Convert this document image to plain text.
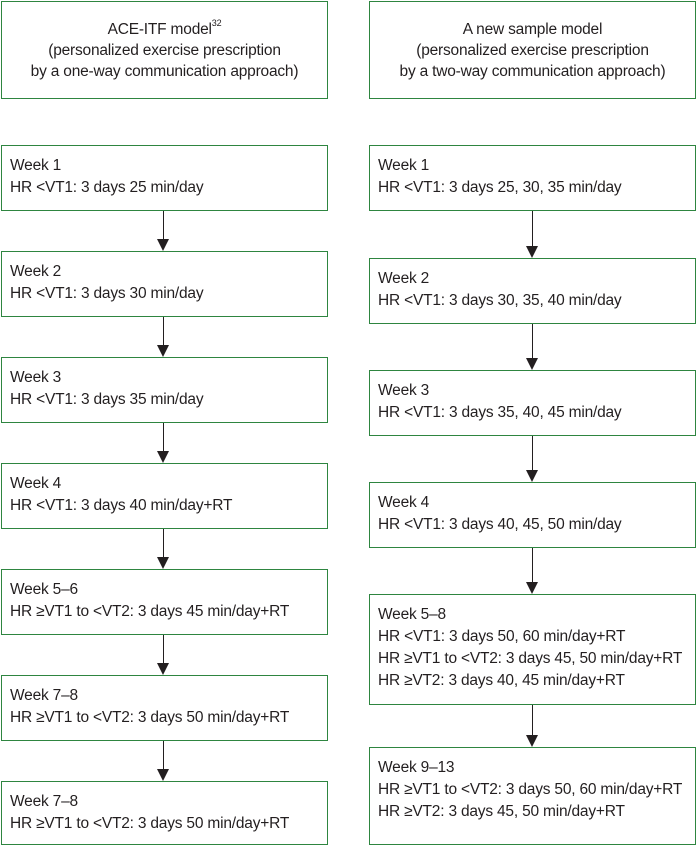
ACE-ITF model$^{32}$
(personalized exercise prescription
by a one-way communication approach)
A new sample model
(personalized exercise prescription
by a two-way communication approach)
Week 1
HR <VT1: 3 days 25 min/day
Week 2
HR <VT1: 3 days 30 min/day
Week 3
HR <VT1: 3 days 35 min/day
Week 4
HR <VT1: 3 days 40 min/day+RT
Week 5–6
HR ≥VT1 to <VT2: 3 days 45 min/day+RT
Week 7–8
HR ≥VT1 to <VT2: 3 days 50 min/day+RT
Week 7–8
HR ≥VT1 to <VT2: 3 days 50 min/day+RT
Week 1
HR <VT1: 3 days 25, 30, 35 min/day
Week 2
HR <VT1: 3 days 30, 35, 40 min/day
Week 3
HR <VT1: 3 days 35, 40, 45 min/day
Week 4
HR <VT1: 3 days 40, 45, 50 min/day
Week 5–8
HR <VT1: 3 days 50, 60 min/day+RT
HR ≥VT1 to <VT2: 3 days 45, 50 min/day+RT
HR ≥VT2: 3 days 40, 45 min/day+RT
Week 9–13
HR ≥VT1 to <VT2: 3 days 50, 60 min/day+RT
HR ≥VT2: 3 days 45, 50 min/day+RT
